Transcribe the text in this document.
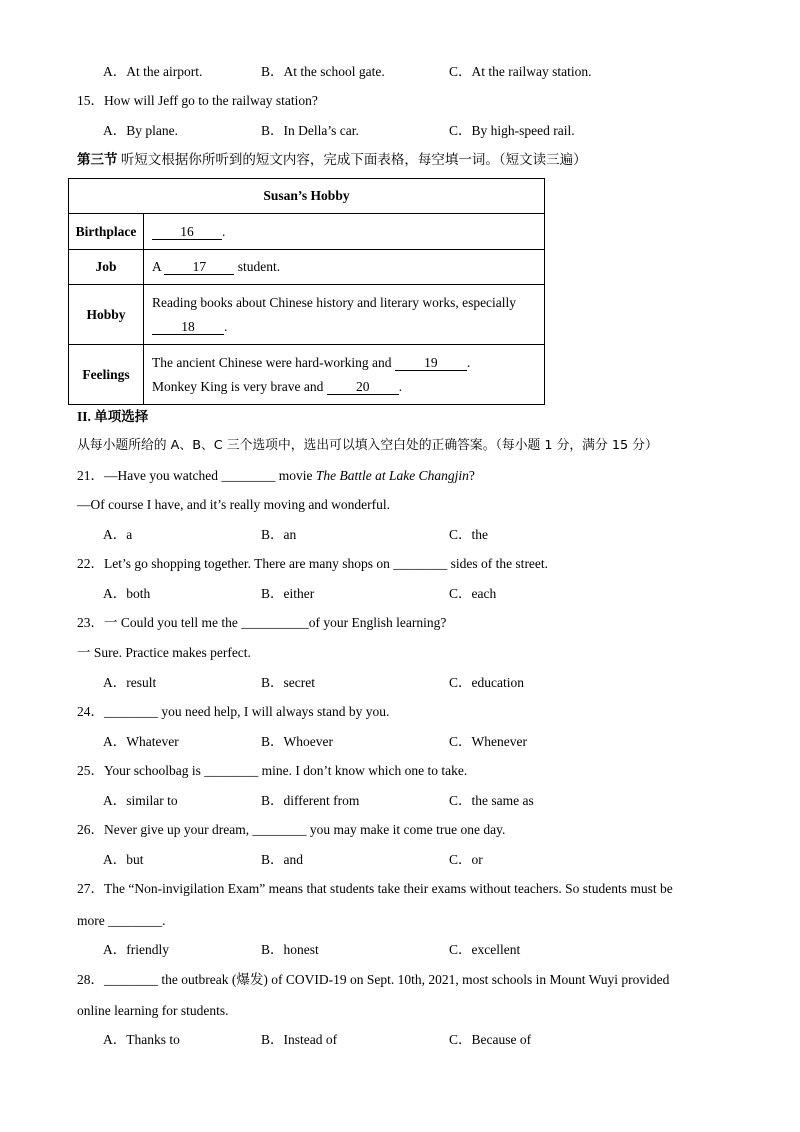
A．At the airport.	B．At the school gate.	C．At the railway station.
15．How will Jeff go to the railway station?
A．By plane.	B．In Della’s car.	C．By high-speed rail.
第三节 听短文根据你所听到的短文内容，完成下面表格，每空填一词。（短文读三遍）
Susan’s Hobby	
Birthplace	16 .
Job	A 17 student.
Hobby	Reading books about Chinese history and literary works, especially
18 .

Feelings	The ancient Chinese were hard-working and 19 .
Monkey King is very brave and 20 .
II. 单项选择
从每小题所给的 A、B、C 三个选项中，选出可以填入空白处的正确答案。（每小题 1 分，满分 15 分）
21．—Have you watched ________ movie The Battle at Lake Changjin?
—Of course I have, and it’s really moving and wonderful.
A．a	B．an	C．the
22．Let’s go shopping together. There are many shops on ________ sides of the street.
A．both	B．either	C．each
23．一 Could you tell me the __________of your English learning?
一 Sure. Practice makes perfect.
A．result	B．secret	C．education
24．________ you need help, I will always stand by you.
A．Whatever	B．Whoever	C．Whenever
25．Your schoolbag is ________ mine. I don’t know which one to take.
A．similar to	B．different from	C．the same as
26．Never give up your dream, ________ you may make it come true one day.
A．but	B．and	C．or
27．The “Non-invigilation Exam” means that students take their exams without teachers. So students must be
more ________.
A．friendly	B．honest	C．excellent
28．________ the outbreak (爆发) of COVID-19 on Sept. 10th, 2021, most schools in Mount Wuyi provided
online learning for students.
A．Thanks to	B．Instead of	C．Because of
